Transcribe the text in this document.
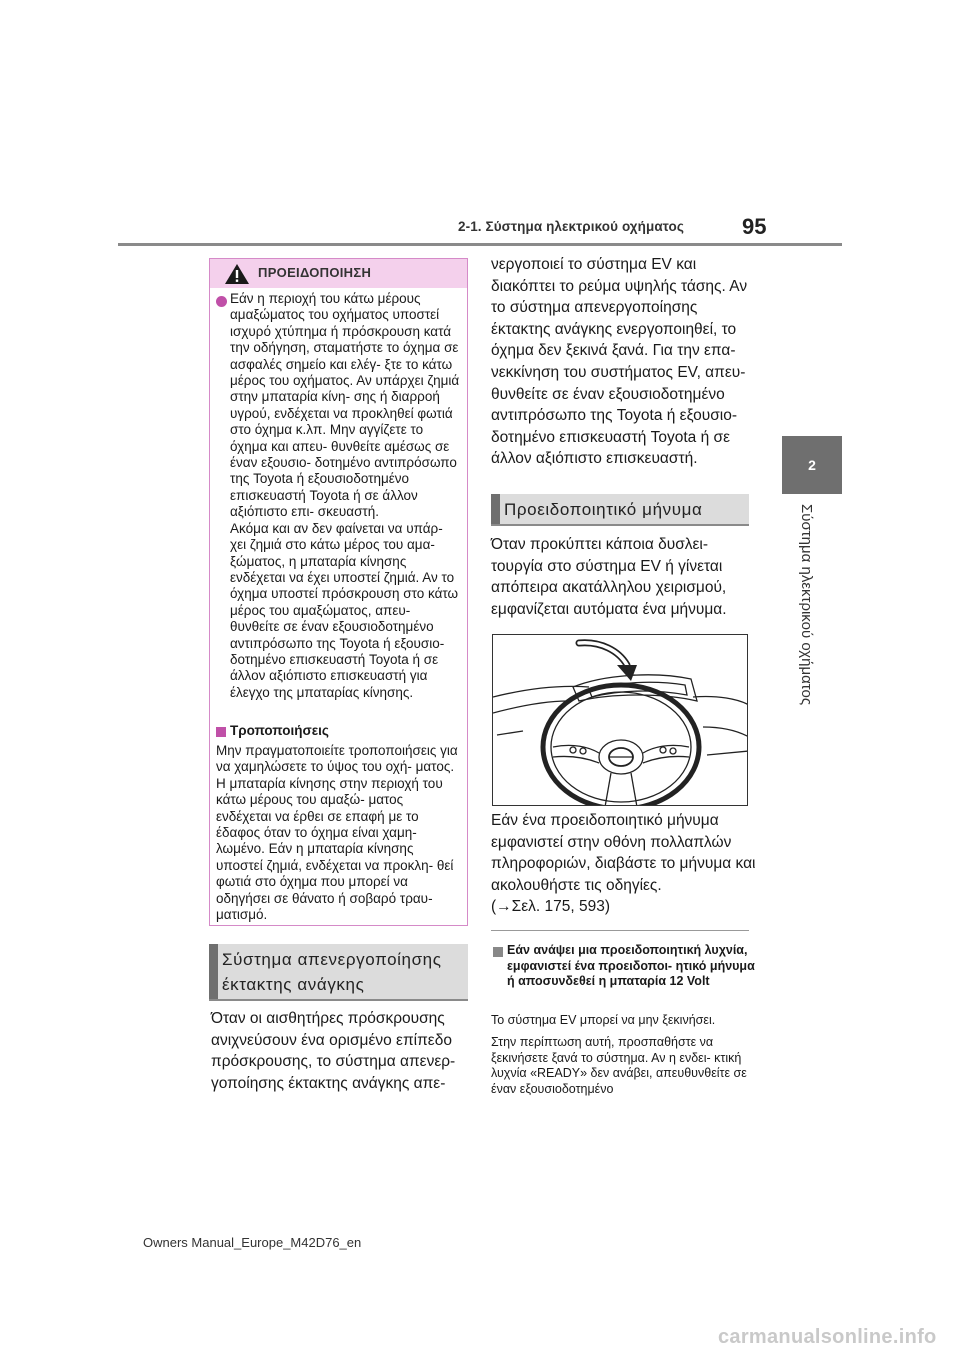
2-1. Σύστημα ηλεκτρικού οχήματος	95
2
Σύστημα ηλεκτρικού οχήματος
ΠΡΟΕΙΔΟΠΟΙΗΣΗ
Εάν η περιοχή του κάτω μέρους αμαξώματος του οχήματος υποστεί ισχυρό χτύπημα ή πρόσκρουση κατά την οδήγηση, σταματήστε το όχημα σε ασφαλές σημείο και ελέγ- ξτε το κάτω μέρος του οχήματος. Αν υπάρχει ζημιά στην μπαταρία κίνη- σης ή διαρροή υγρού, ενδέχεται να προκληθεί φωτιά στο όχημα κ.λπ. Μην αγγίζετε το όχημα και απευ- θυνθείτε αμέσως σε έναν εξουσιο- δοτημένο αντιπρόσωπο της Toyota ή εξουσιοδοτημένο επισκευαστή Toyota ή σε άλλον αξιόπιστο επι- σκευαστή.
Ακόμα και αν δεν φαίνεται να υπάρ- χει ζημιά στο κάτω μέρος του αμα- ξώματος, η μπαταρία κίνησης ενδέχεται να έχει υποστεί ζημιά. Αν το όχημα υποστεί πρόσκρουση στο κάτω μέρος του αμαξώματος, απευ- θυνθείτε σε έναν εξουσιοδοτημένο αντιπρόσωπο της Toyota ή εξουσιο- δοτημένο επισκευαστή Toyota ή σε άλλον αξιόπιστο επισκευαστή για έλεγχο της μπαταρίας κίνησης.
Τροποποιήσεις
Μην πραγματοποιείτε τροποποιήσεις για να χαμηλώσετε το ύψος του οχή- ματος. Η μπαταρία κίνησης στην περιοχή του κάτω μέρους του αμαξώ- ματος ενδέχεται να έρθει σε επαφή με το έδαφος όταν το όχημα είναι χαμη- λωμένο. Εάν η μπαταρία κίνησης υποστεί ζημιά, ενδέχεται να προκλη- θεί φωτιά στο όχημα που μπορεί να οδηγήσει σε θάνατο ή σοβαρό τραυ- ματισμό.
Σύστημα απενεργοποίησης έκτακτης ανάγκης
Όταν οι αισθητήρες πρόσκρουσης ανιχνεύσουν ένα ορισμένο επίπεδο πρόσκρουσης, το σύστημα απενερ- γοποίησης έκτακτης ανάγκης απε-
νεργοποιεί το σύστημα EV και διακόπτει το ρεύμα υψηλής τάσης. Αν το σύστημα απενεργοποίησης έκτακτης ανάγκης ενεργοποιηθεί, το όχημα δεν ξεκινά ξανά. Για την επα- νεκκίνηση του συστήματος EV, απευ- θυνθείτε σε έναν εξουσιοδοτημένο αντιπρόσωπο της Toyota ή εξουσιο- δοτημένο επισκευαστή Toyota ή σε άλλον αξιόπιστο επισκευαστή.
Προειδοποιητικό μήνυμα
Όταν προκύπτει κάποια δυσλει- τουργία στο σύστημα EV ή γίνεται απόπειρα ακατάλληλου χειρισμού, εμφανίζεται αυτόματα ένα μήνυμα.
Εάν ένα προειδοποιητικό μήνυμα εμφανιστεί στην οθόνη πολλαπλών πληροφοριών, διαβάστε το μήνυμα και ακολουθήστε τις οδηγίες.
(→Σελ. 175, 593)
Εάν ανάψει μια προειδοποιητική λυχνία, εμφανιστεί ένα προειδοποι- ητικό μήνυμα ή αποσυνδεθεί η μπαταρία 12 Volt
Το σύστημα EV μπορεί να μην ξεκινήσει.
Στην περίπτωση αυτή, προσπαθήστε να ξεκινήσετε ξανά το σύστημα. Αν η ενδει- κτική λυχνία «READY» δεν ανάβει, απευθυνθείτε σε έναν εξουσιοδοτημένο
Owners Manual_Europe_M42D76_en
carmanualsonline.info
